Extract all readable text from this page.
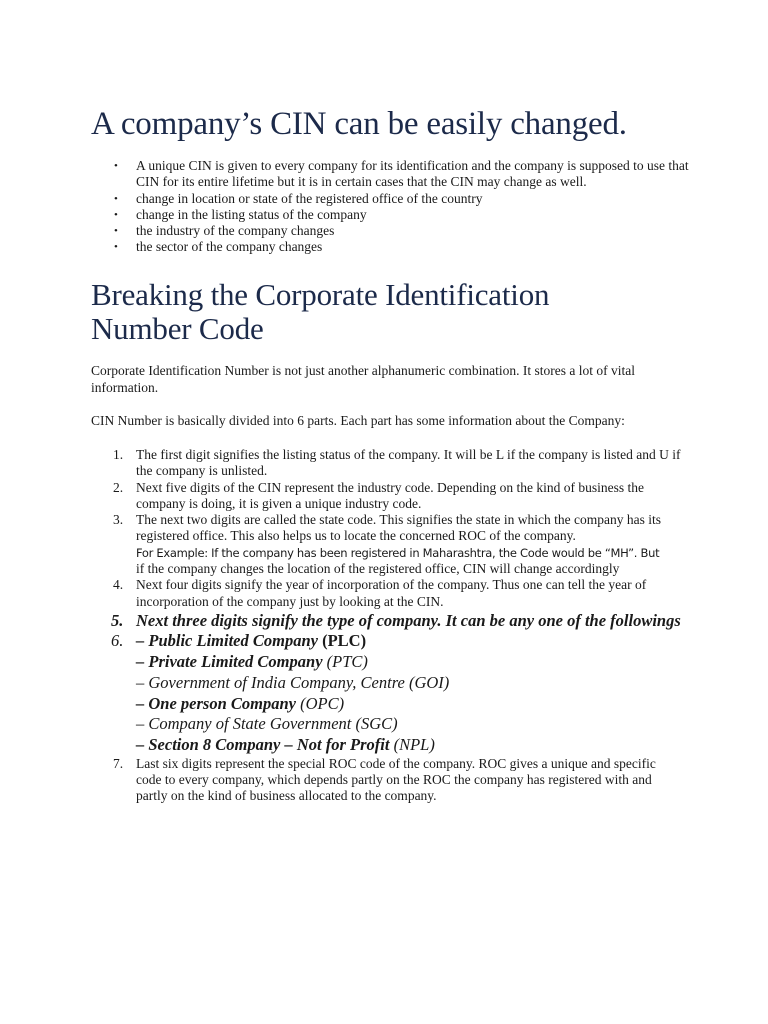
A company’s CIN can be easily changed.
• A unique CIN is given to every company for its identification and the company is supposed to use that CIN for its entire lifetime but it is in certain cases that the CIN may change as well.
• change in location or state of the registered office of the country
• change in the listing status of the company
• the industry of the company changes
• the sector of the company changes
Breaking the Corporate Identification Number Code

Corporate Identification Number is not just another alphanumeric combination. It stores a lot of vital information.

CIN Number is basically divided into 6 parts. Each part has some information about the Company:

1. The first digit signifies the listing status of the company. It will be L if the company is listed and U if the company is unlisted.
2. Next five digits of the CIN represent the industry code. Depending on the kind of business the company is doing, it is given a unique industry code.
3. The next two digits are called the state code. This signifies the state in which the company has its registered office. This also helps us to locate the concerned ROC of the company.
For Example: If the company has been registered in Maharashtra, the Code would be “MH”. But
if the company changes the location of the registered office, CIN will change accordingly
4. Next four digits signify the year of incorporation of the company. Thus one can tell the year of incorporation of the company just by looking at the CIN.
5. Next three digits signify the type of company. It can be any one of the followings
6. – Public Limited Company (PLC)
– Private Limited Company (PTC)
– Government of India Company, Centre (GOI)
– One person Company (OPC)
– Company of State Government (SGC)
– Section 8 Company – Not for Profit (NPL)
7. Last six digits represent the special ROC code of the company. ROC gives a unique and specific code to every company, which depends partly on the ROC the company has registered with and partly on the kind of business allocated to the company.
